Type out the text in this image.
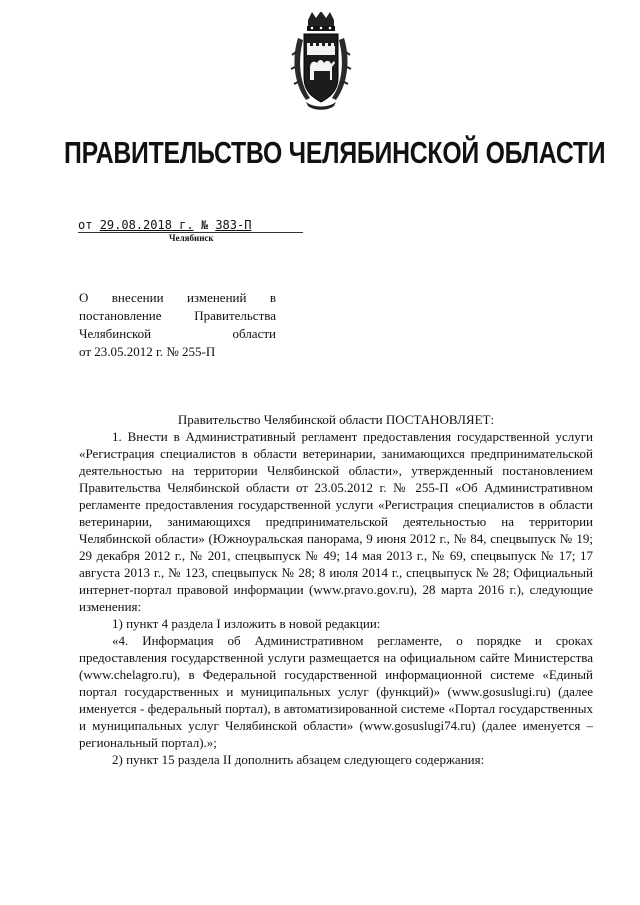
ПРАВИТЕЛЬСТВО ЧЕЛЯБИНСКОЙ ОБЛАСТИ
от 29.08.2018 г. № 383-П
Челябинск
О внесении изменений в
постановление	Правительства
Челябинской	области
от 23.05.2012 г. № 255-П
Правительство Челябинской области ПОСТАНОВЛЯЕТ:
1. Внести в Административный регламент предоставления государственной услуги «Регистрация специалистов в области ветеринарии, занимающихся предпринимательской деятельностью на территории Челябинской области», утвержденный постановлением Правительства Челябинской области от 23.05.2012 г. № 255-П «Об Административном регламенте предоставления государственной услуги «Регистрация специалистов в области ветеринарии, занимающихся предпринимательской деятельностью на территории Челябинской области» (Южноуральская панорама, 9 июня 2012 г., № 84, спецвыпуск № 19; 29 декабря 2012 г., № 201, спецвыпуск № 49; 14 мая 2013 г., № 69, спецвыпуск № 17; 17 августа 2013 г., № 123, спецвыпуск № 28; 8 июля 2014 г., спецвыпуск № 28; Официальный интернет-портал правовой информации (www.pravo.gov.ru), 28 марта 2016 г.), следующие изменения:
1) пункт 4 раздела I изложить в новой редакции:
«4. Информация об Административном регламенте, о порядке и сроках предоставления государственной услуги размещается на официальном сайте Министерства (www.chelagro.ru), в Федеральной государственной информационной системе «Единый портал государственных и муниципальных услуг (функций)» (www.gosuslugi.ru) (далее именуется - федеральный портал), в автоматизированной системе «Портал государственных и муниципальных услуг Челябинской области» (www.gosuslugi74.ru) (далее именуется – региональный портал).»;
2) пункт 15 раздела II дополнить абзацем следующего содержания:
